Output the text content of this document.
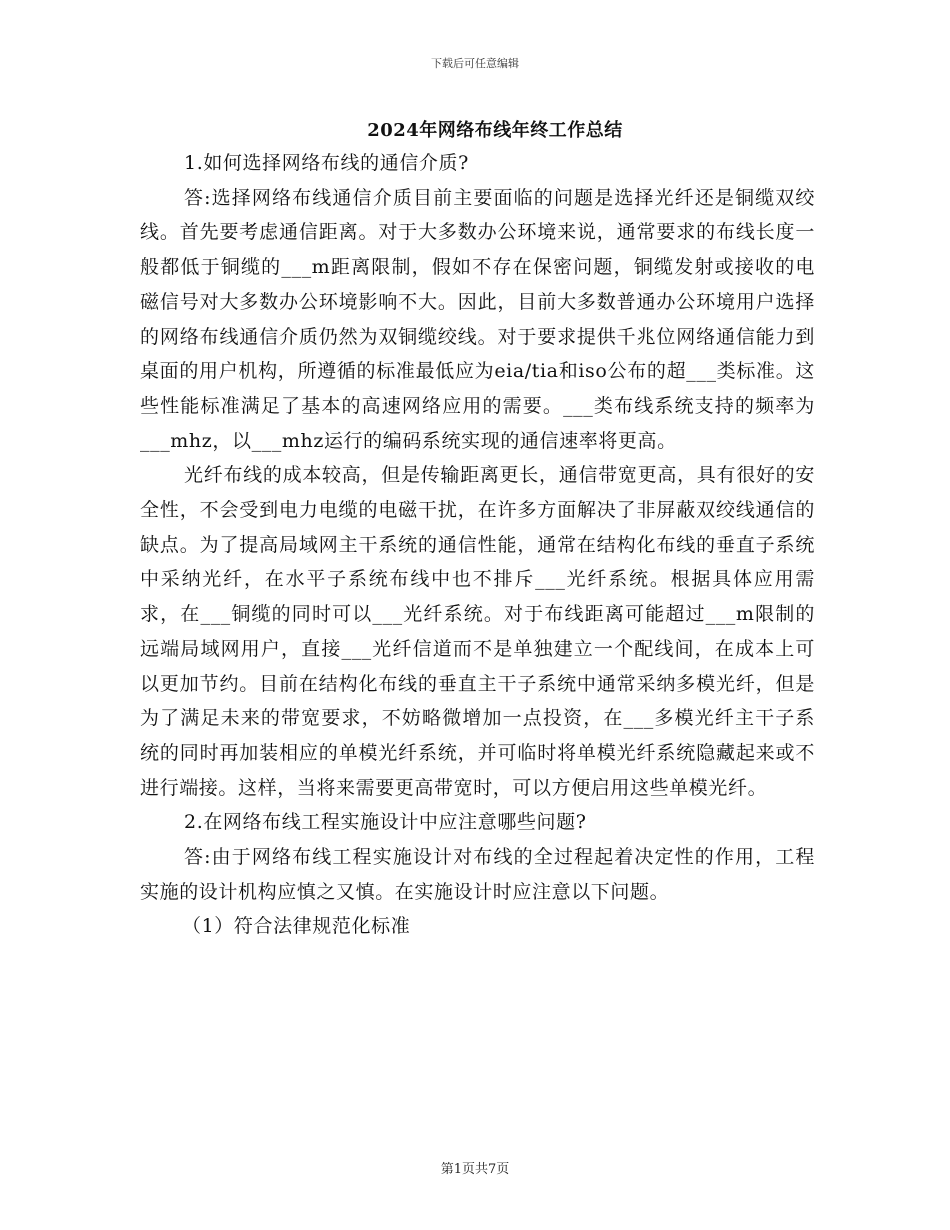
下载后可任意编辑
2024年网络布线年终工作总结

1.如何选择网络布线的通信介质?

答:选择网络布线通信介质目前主要面临的问题是选择光纤还是铜缆双绞线。首先要考虑通信距离。对于大多数办公环境来说，通常要求的布线长度一般都低于铜缆的___m距离限制，假如不存在保密问题，铜缆发射或接收的电磁信号对大多数办公环境影响不大。因此，目前大多数普通办公环境用户选择的网络布线通信介质仍然为双铜缆绞线。对于要求提供千兆位网络通信能力到桌面的用户机构，所遵循的标准最低应为eia/tia和iso公布的超___类标准。这些性能标准满足了基本的高速网络应用的需要。___类布线系统支持的频率为___mhz，以___mhz运行的编码系统实现的通信速率将更高。

光纤布线的成本较高，但是传输距离更长，通信带宽更高，具有很好的安全性，不会受到电力电缆的电磁干扰，在许多方面解决了非屏蔽双绞线通信的缺点。为了提高局域网主干系统的通信性能，通常在结构化布线的垂直子系统中采纳光纤，在水平子系统布线中也不排斥___光纤系统。根据具体应用需求，在___铜缆的同时可以___光纤系统。对于布线距离可能超过___m限制的远端局域网用户，直接___光纤信道而不是单独建立一个配线间，在成本上可以更加节约。目前在结构化布线的垂直主干子系统中通常采纳多模光纤，但是为了满足未来的带宽要求，不妨略微增加一点投资，在___多模光纤主干子系统的同时再加装相应的单模光纤系统，并可临时将单模光纤系统隐藏起来或不进行端接。这样，当将来需要更高带宽时，可以方便启用这些单模光纤。

2.在网络布线工程实施设计中应注意哪些问题?

答:由于网络布线工程实施设计对布线的全过程起着决定性的作用，工程实施的设计机构应慎之又慎。在实施设计时应注意以下问题。

（1）符合法律规范化标准

第1页共7页
